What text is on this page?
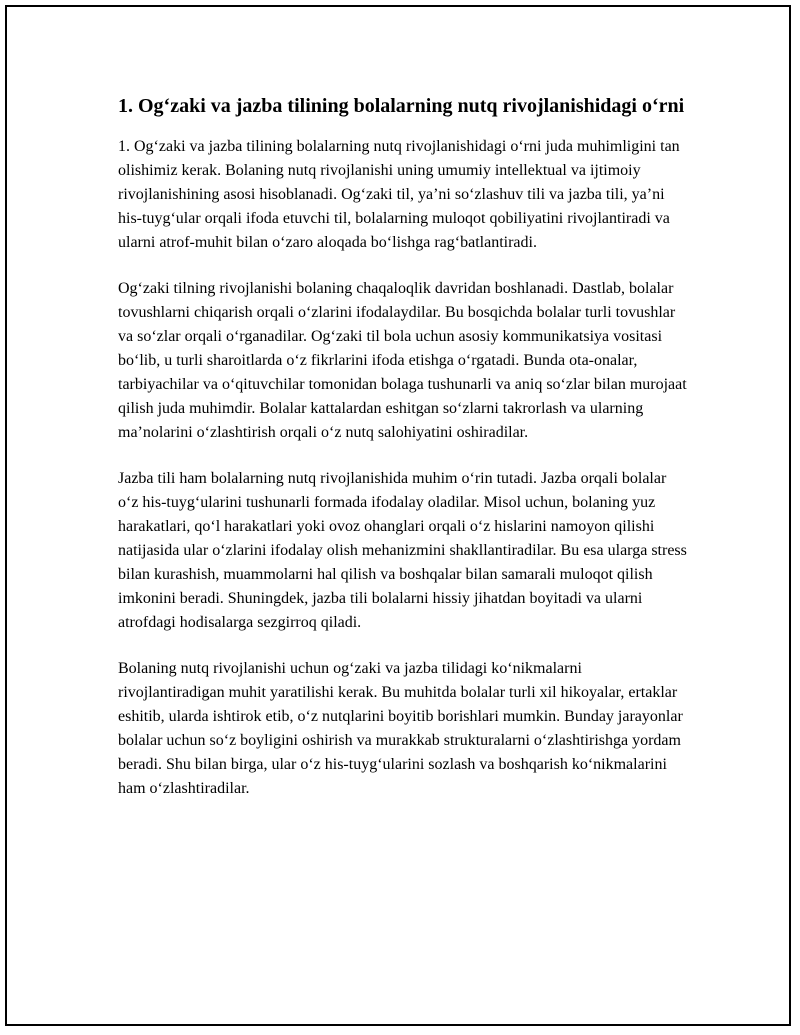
1. Og‘zaki va jazba tilining bolalarning nutq rivojlanishidagi o‘rni

1. Og‘zaki va jazba tilining bolalarning nutq rivojlanishidagi o‘rni juda muhimligini tan olishimiz kerak. Bolaning nutq rivojlanishi uning umumiy intellektual va ijtimoiy rivojlanishining asosi hisoblanadi. Og‘zaki til, ya’ni so‘zlashuv tili va jazba tili, ya’ni his-tuyg‘ular orqali ifoda etuvchi til, bolalarning muloqot qobiliyatini rivojlantiradi va ularni atrof-muhit bilan o‘zaro aloqada bo‘lishga rag‘batlantiradi.

Og‘zaki tilning rivojlanishi bolaning chaqaloqlik davridan boshlanadi. Dastlab, bolalar tovushlarni chiqarish orqali o‘zlarini ifodalaydilar. Bu bosqichda bolalar turli tovushlar va so‘zlar orqali o‘rganadilar. Og‘zaki til bola uchun asosiy kommunikatsiya vositasi bo‘lib, u turli sharoitlarda o‘z fikrlarini ifoda etishga o‘rgatadi. Bunda ota-onalar, tarbiyachilar va o‘qituvchilar tomonidan bolaga tushunarli va aniq so‘zlar bilan murojaat qilish juda muhimdir. Bolalar kattalardan eshitgan so‘zlarni takrorlash va ularning ma’nolarini o‘zlashtirish orqali o‘z nutq salohiyatini oshiradilar.

Jazba tili ham bolalarning nutq rivojlanishida muhim o‘rin tutadi. Jazba orqali bolalar o‘z his-tuyg‘ularini tushunarli formada ifodalay oladilar. Misol uchun, bolaning yuz harakatlari, qo‘l harakatlari yoki ovoz ohanglari orqali o‘z hislarini namoyon qilishi natijasida ular o‘zlarini ifodalay olish mehanizmini shakllantiradilar. Bu esa ularga stress bilan kurashish, muammolarni hal qilish va boshqalar bilan samarali muloqot qilish imkonini beradi. Shuningdek, jazba tili bolalarni hissiy jihatdan boyitadi va ularni atrofdagi hodisalarga sezgirroq qiladi.

Bolaning nutq rivojlanishi uchun og‘zaki va jazba tilidagi ko‘nikmalarni rivojlantiradigan muhit yaratilishi kerak. Bu muhitda bolalar turli xil hikoyalar, ertaklar eshitib, ularda ishtirok etib, o‘z nutqlarini boyitib borishlari mumkin. Bunday jarayonlar bolalar uchun so‘z boyligini oshirish va murakkab strukturalarni o‘zlashtirishga yordam beradi. Shu bilan birga, ular o‘z his-tuyg‘ularini sozlash va boshqarish ko‘nikmalarini ham o‘zlashtiradilar.
